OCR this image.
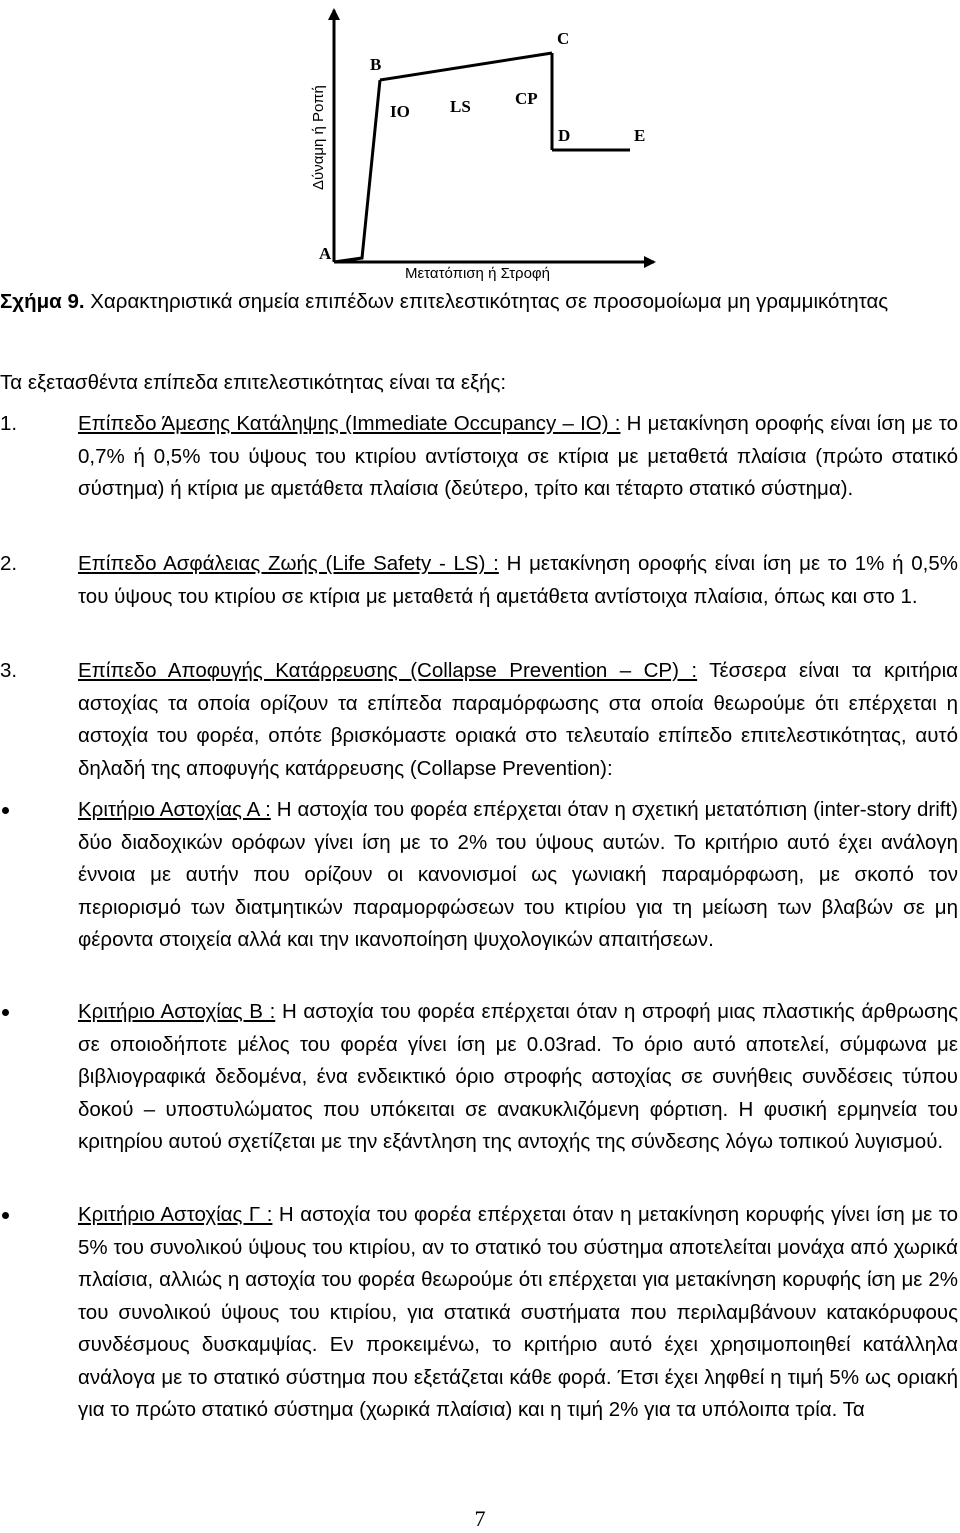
A
B
C
D	E
IO LS	CP
Δύναμη ή Ροπή
Μετατόπιση ή Στροφή
Σχήμα 9. Χαρακτηριστικά σημεία επιπέδων επιτελεστικότητας σε προσομοίωμα μη γραμμικότητας
Τα εξετασθέντα επίπεδα επιτελεστικότητας είναι τα εξής:
1.	Επίπεδο Άμεσης Κατάληψης (Immediate Occupancy – IO) : Η μετακίνηση οροφής είναι ίση με το 0,7% ή 0,5% του ύψους του κτιρίου αντίστοιχα σε κτίρια με μεταθετά πλαίσια (πρώτο στατικό σύστημα) ή κτίρια με αμετάθετα πλαίσια (δεύτερο, τρίτο και τέταρτο στατικό σύστημα).
2.	Επίπεδο Ασφάλειας Ζωής (Life Safety - LS) : Η μετακίνηση οροφής είναι ίση με το 1% ή 0,5% του ύψους του κτιρίου σε κτίρια με μεταθετά ή αμετάθετα αντίστοιχα πλαίσια, όπως και στο 1.
3.	Επίπεδο Αποφυγής Κατάρρευσης (Collapse Prevention – CP) : Τέσσερα είναι τα κριτήρια αστοχίας τα οποία ορίζουν τα επίπεδα παραμόρφωσης στα οποία θεωρούμε ότι επέρχεται η αστοχία του φορέα, οπότε βρισκόμαστε οριακά στο τελευταίο επίπεδο επιτελεστικότητας, αυτό δηλαδή της αποφυγής κατάρρευσης (Collapse Prevention):
Κριτήριο Αστοχίας Α : Η αστοχία του φορέα επέρχεται όταν η σχετική μετατόπιση (inter-story drift) δύο διαδοχικών ορόφων γίνει ίση με το 2% του ύψους αυτών. Το κριτήριο αυτό έχει ανάλογη έννοια με αυτήν που ορίζουν οι κανονισμοί ως γωνιακή παραμόρφωση, με σκοπό τον περιορισμό των διατμητικών παραμορφώσεων του κτιρίου για τη μείωση των βλαβών σε μη φέροντα στοιχεία αλλά και την ικανοποίηση ψυχολογικών απαιτήσεων.
Κριτήριο Αστοχίας Β : Η αστοχία του φορέα επέρχεται όταν η στροφή μιας πλαστικής άρθρωσης σε οποιοδήποτε μέλος του φορέα γίνει ίση με 0.03rad. Το όριο αυτό αποτελεί, σύμφωνα με βιβλιογραφικά δεδομένα, ένα ενδεικτικό όριο στροφής αστοχίας σε συνήθεις συνδέσεις τύπου δοκού – υποστυλώματος που υπόκειται σε ανακυκλιζόμενη φόρτιση. Η φυσική ερμηνεία του κριτηρίου αυτού σχετίζεται με την εξάντληση της αντοχής της σύνδεσης λόγω τοπικού λυγισμού.
Κριτήριο Αστοχίας Γ : Η αστοχία του φορέα επέρχεται όταν η μετακίνηση κορυφής γίνει ίση με το 5% του συνολικού ύψους του κτιρίου, αν το στατικό του σύστημα αποτελείται μονάχα από χωρικά πλαίσια, αλλιώς η αστοχία του φορέα θεωρούμε ότι επέρχεται για μετακίνηση κορυφής ίση με 2% του συνολικού ύψους του κτιρίου, για στατικά συστήματα που περιλαμβάνουν κατακόρυφους συνδέσμους δυσκαμψίας. Εν προκειμένω, το κριτήριο αυτό έχει χρησιμοποιηθεί κατάλληλα ανάλογα με το στατικό σύστημα που εξετάζεται κάθε φορά. Έτσι έχει ληφθεί η τιμή 5% ως οριακή για το πρώτο στατικό σύστημα (χωρικά πλαίσια) και η τιμή 2% για τα υπόλοιπα τρία. Τα
7
